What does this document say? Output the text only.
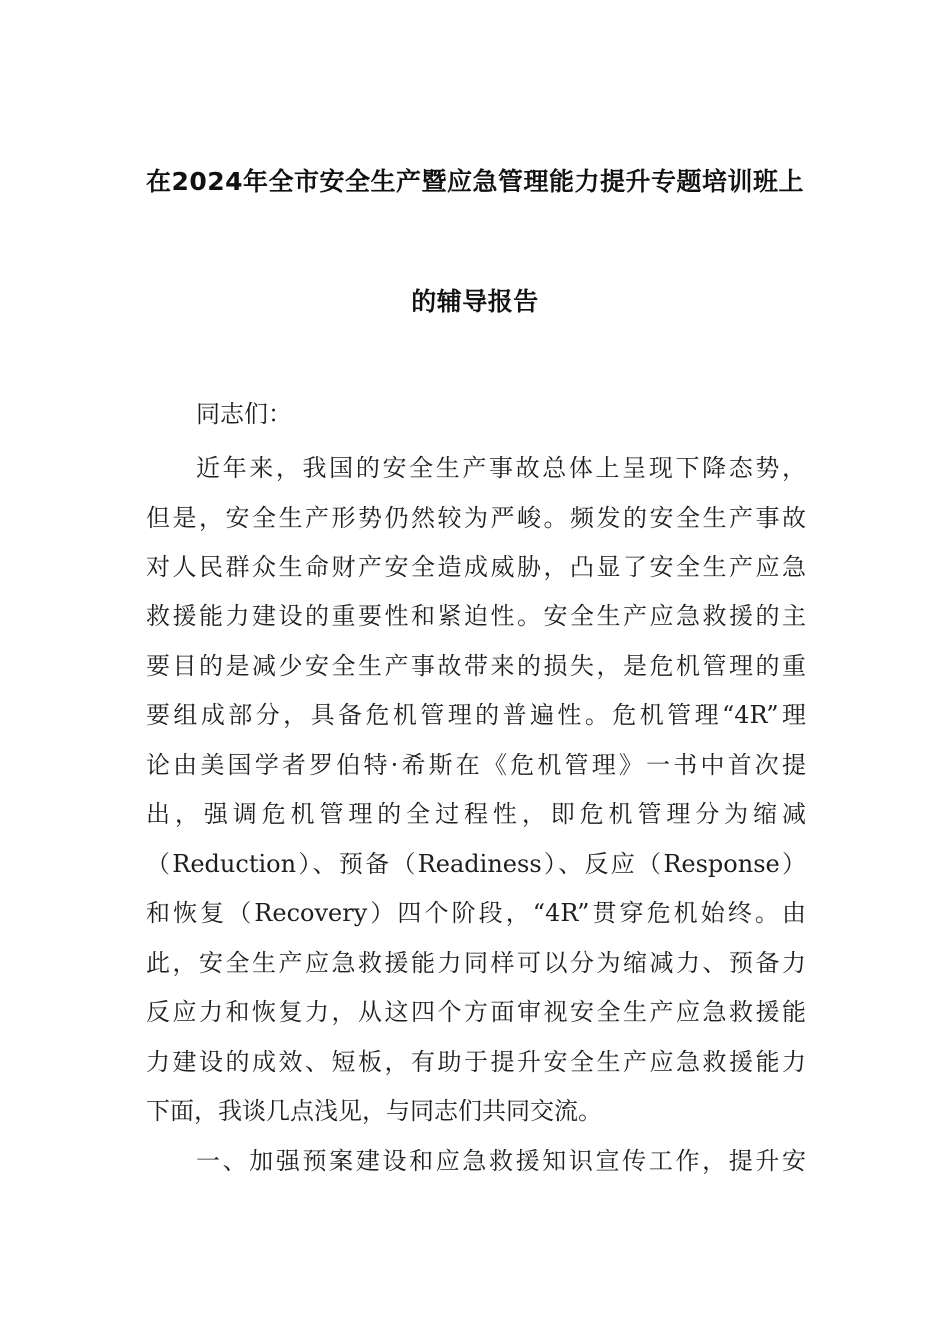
在2024年全市安全生产暨应急管理能力提升专题培训班上
的辅导报告
同志们：
近年来，我国的安全生产事故总体上呈现下降态势，
但是，安全生产形势仍然较为严峻。频发的安全生产事故
对人民群众生命财产安全造成威胁，凸显了安全生产应急
救援能力建设的重要性和紧迫性。安全生产应急救援的主
要目的是减少安全生产事故带来的损失，是危机管理的重
要组成部分，具备危机管理的普遍性。危机管理“4R”理
论由美国学者罗伯特·希斯在《危机管理》一书中首次提
出，强调危机管理的全过程性，即危机管理分为缩减
（Reduction）、预备（Readiness）、反应（Response）
和恢复（Recovery）四个阶段，“4R”贯穿危机始终。由
此，安全生产应急救援能力同样可以分为缩减力、预备力
反应力和恢复力，从这四个方面审视安全生产应急救援能
力建设的成效、短板，有助于提升安全生产应急救援能力
下面，我谈几点浅见，与同志们共同交流。
一、加强预案建设和应急救援知识宣传工作，提升安
